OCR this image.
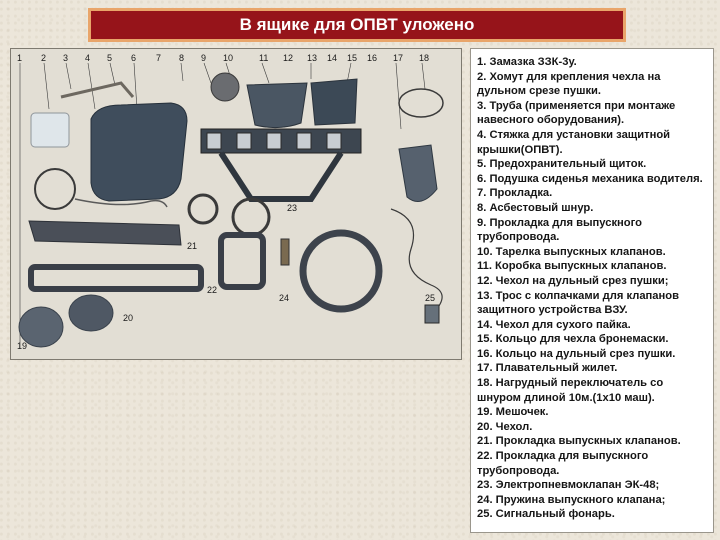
В ящике для ОПВТ уложено
1 2 3 4 5 6 7 8 9 10	11 12 13 14 15 16 17 18
19
20
21
22
23
24	25
1. Замазка ЗЗК-3у.
2. Хомут для крепления чехла на дульном срезе пушки.
3. Труба (применяется при монтаже навесного оборудования).
4. Стяжка для установки защитной крышки(ОПВТ).
5. Предохранительный щиток.
6. Подушка сиденья механика водителя.
7. Прокладка.
8. Асбестовый шнур.
9. Прокладка для выпускного трубопровода.
10. Тарелка выпускных клапанов.
11. Коробка выпускных клапанов.
12. Чехол на дульный срез пушки;
13. Трос с колпачками для клапанов защитного устройства ВЗУ.
14. Чехол для сухого пайка.
15. Кольцо для чехла бронемаски.
16. Кольцо на дульный срез пушки.
17. Плавательный жилет.
18. Нагрудный переключатель со шнуром длиной 10м.(1х10 маш).
19. Мешочек.
20. Чехол.
21. Прокладка выпускных клапанов.
22. Прокладка для выпускного трубопровода.
23. Электропневмоклапан ЭК-48;
24. Пружина выпускного клапана;
25. Сигнальный фонарь.
